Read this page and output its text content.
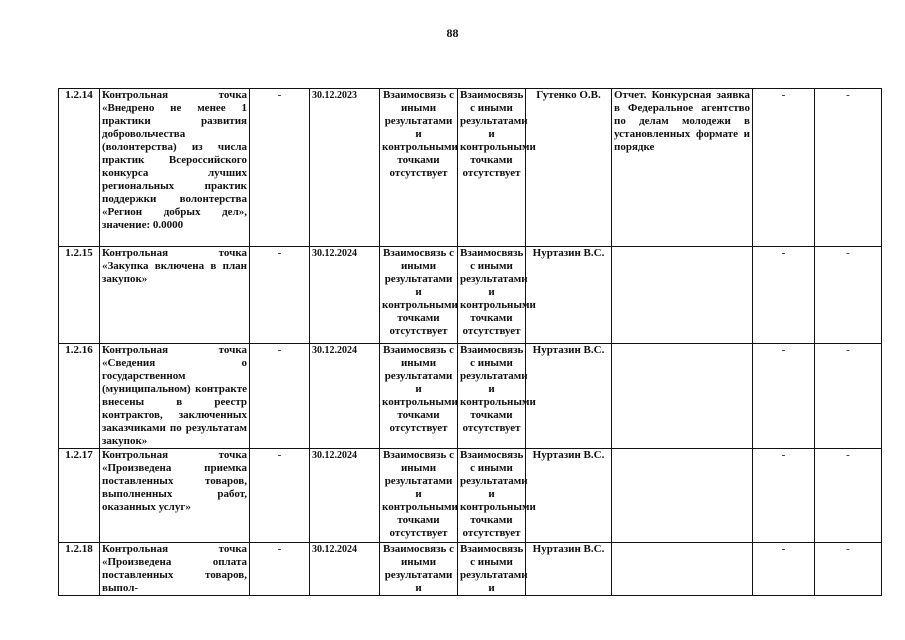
88
1.2.14	Контрольная точка «Внедрено не менее 1 практики развития добровольчества (волонтерства) из числа практик Всероссийского конкурса лучших региональных практик поддержки волонтерства «Регион добрых дел», значение: 0.0000	-	30.12.2023	Взаимосвязь с иными результатами и контрольными точками отсутствует	Взаимосвязь с иными результатами и контрольными точками отсутствует	Гутенко О.В.	Отчет. Конкурсная заявка в Федеральное агентство по делам молодежи в установленных формате и порядке	-	-
1.2.15	Контрольная точка «Закупка включена в план закупок»	-	30.12.2024	Взаимосвязь с иными результатами и контрольными точками отсутствует	Взаимосвязь с иными результатами и контрольными точками отсутствует	Нуртазин В.С.		-	-
1.2.16	Контрольная точка «Сведения о государственном (муниципальном) контракте внесены в реестр контрактов, заключенных заказчиками по результатам закупок»	-	30.12.2024	Взаимосвязь с иными результатами и контрольными точками отсутствует	Взаимосвязь с иными результатами и контрольными точками отсутствует	Нуртазин В.С.		-	-
1.2.17	Контрольная точка «Произведена приемка поставленных товаров, выполненных работ, оказанных услуг»	-	30.12.2024	Взаимосвязь с иными результатами и контрольными точками отсутствует	Взаимосвязь с иными результатами и контрольными точками отсутствует	Нуртазин В.С.		-	-
1.2.18	Контрольная точка «Произведена оплата поставленных товаров, выпол-	-	30.12.2024	Взаимосвязь с иными результатами и	Взаимосвязь с иными результатами и	Нуртазин В.С.		-	-
